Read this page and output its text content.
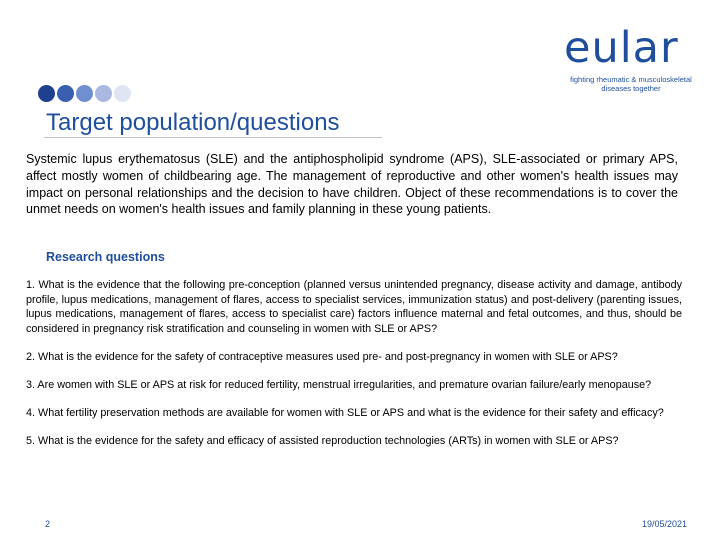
eular
fighting rheumatic & musculoskeletal
diseases together
Target population/questions

Systemic lupus erythematosus (SLE) and the antiphospholipid syndrome (APS), SLE-associated or primary APS, affect mostly women of childbearing age. The management of reproductive and other women's health issues may impact on personal relationships and the decision to have children. Object of these recommendations is to cover the unmet needs on women's health issues and family planning in these young patients.

Research questions

1. What is the evidence that the following pre-conception (planned versus unintended pregnancy, disease activity and damage, antibody profile, lupus medications, management of flares, access to specialist services, immunization status) and post-delivery (parenting issues, lupus medications, management of flares, access to specialist care) factors influence maternal and fetal outcomes, and thus, should be considered in pregnancy risk stratification and counseling in women with SLE or APS?

2. What is the evidence for the safety of contraceptive measures used pre- and post-pregnancy in women with SLE or APS?

3. Are women with SLE or APS at risk for reduced fertility, menstrual irregularities, and premature ovarian failure/early menopause?

4. What fertility preservation methods are available for women with SLE or APS and what is the evidence for their safety and efficacy?

5. What is the evidence for the safety and efficacy of assisted reproduction technologies (ARTs) in women with SLE or APS?

2	19/05/2021
